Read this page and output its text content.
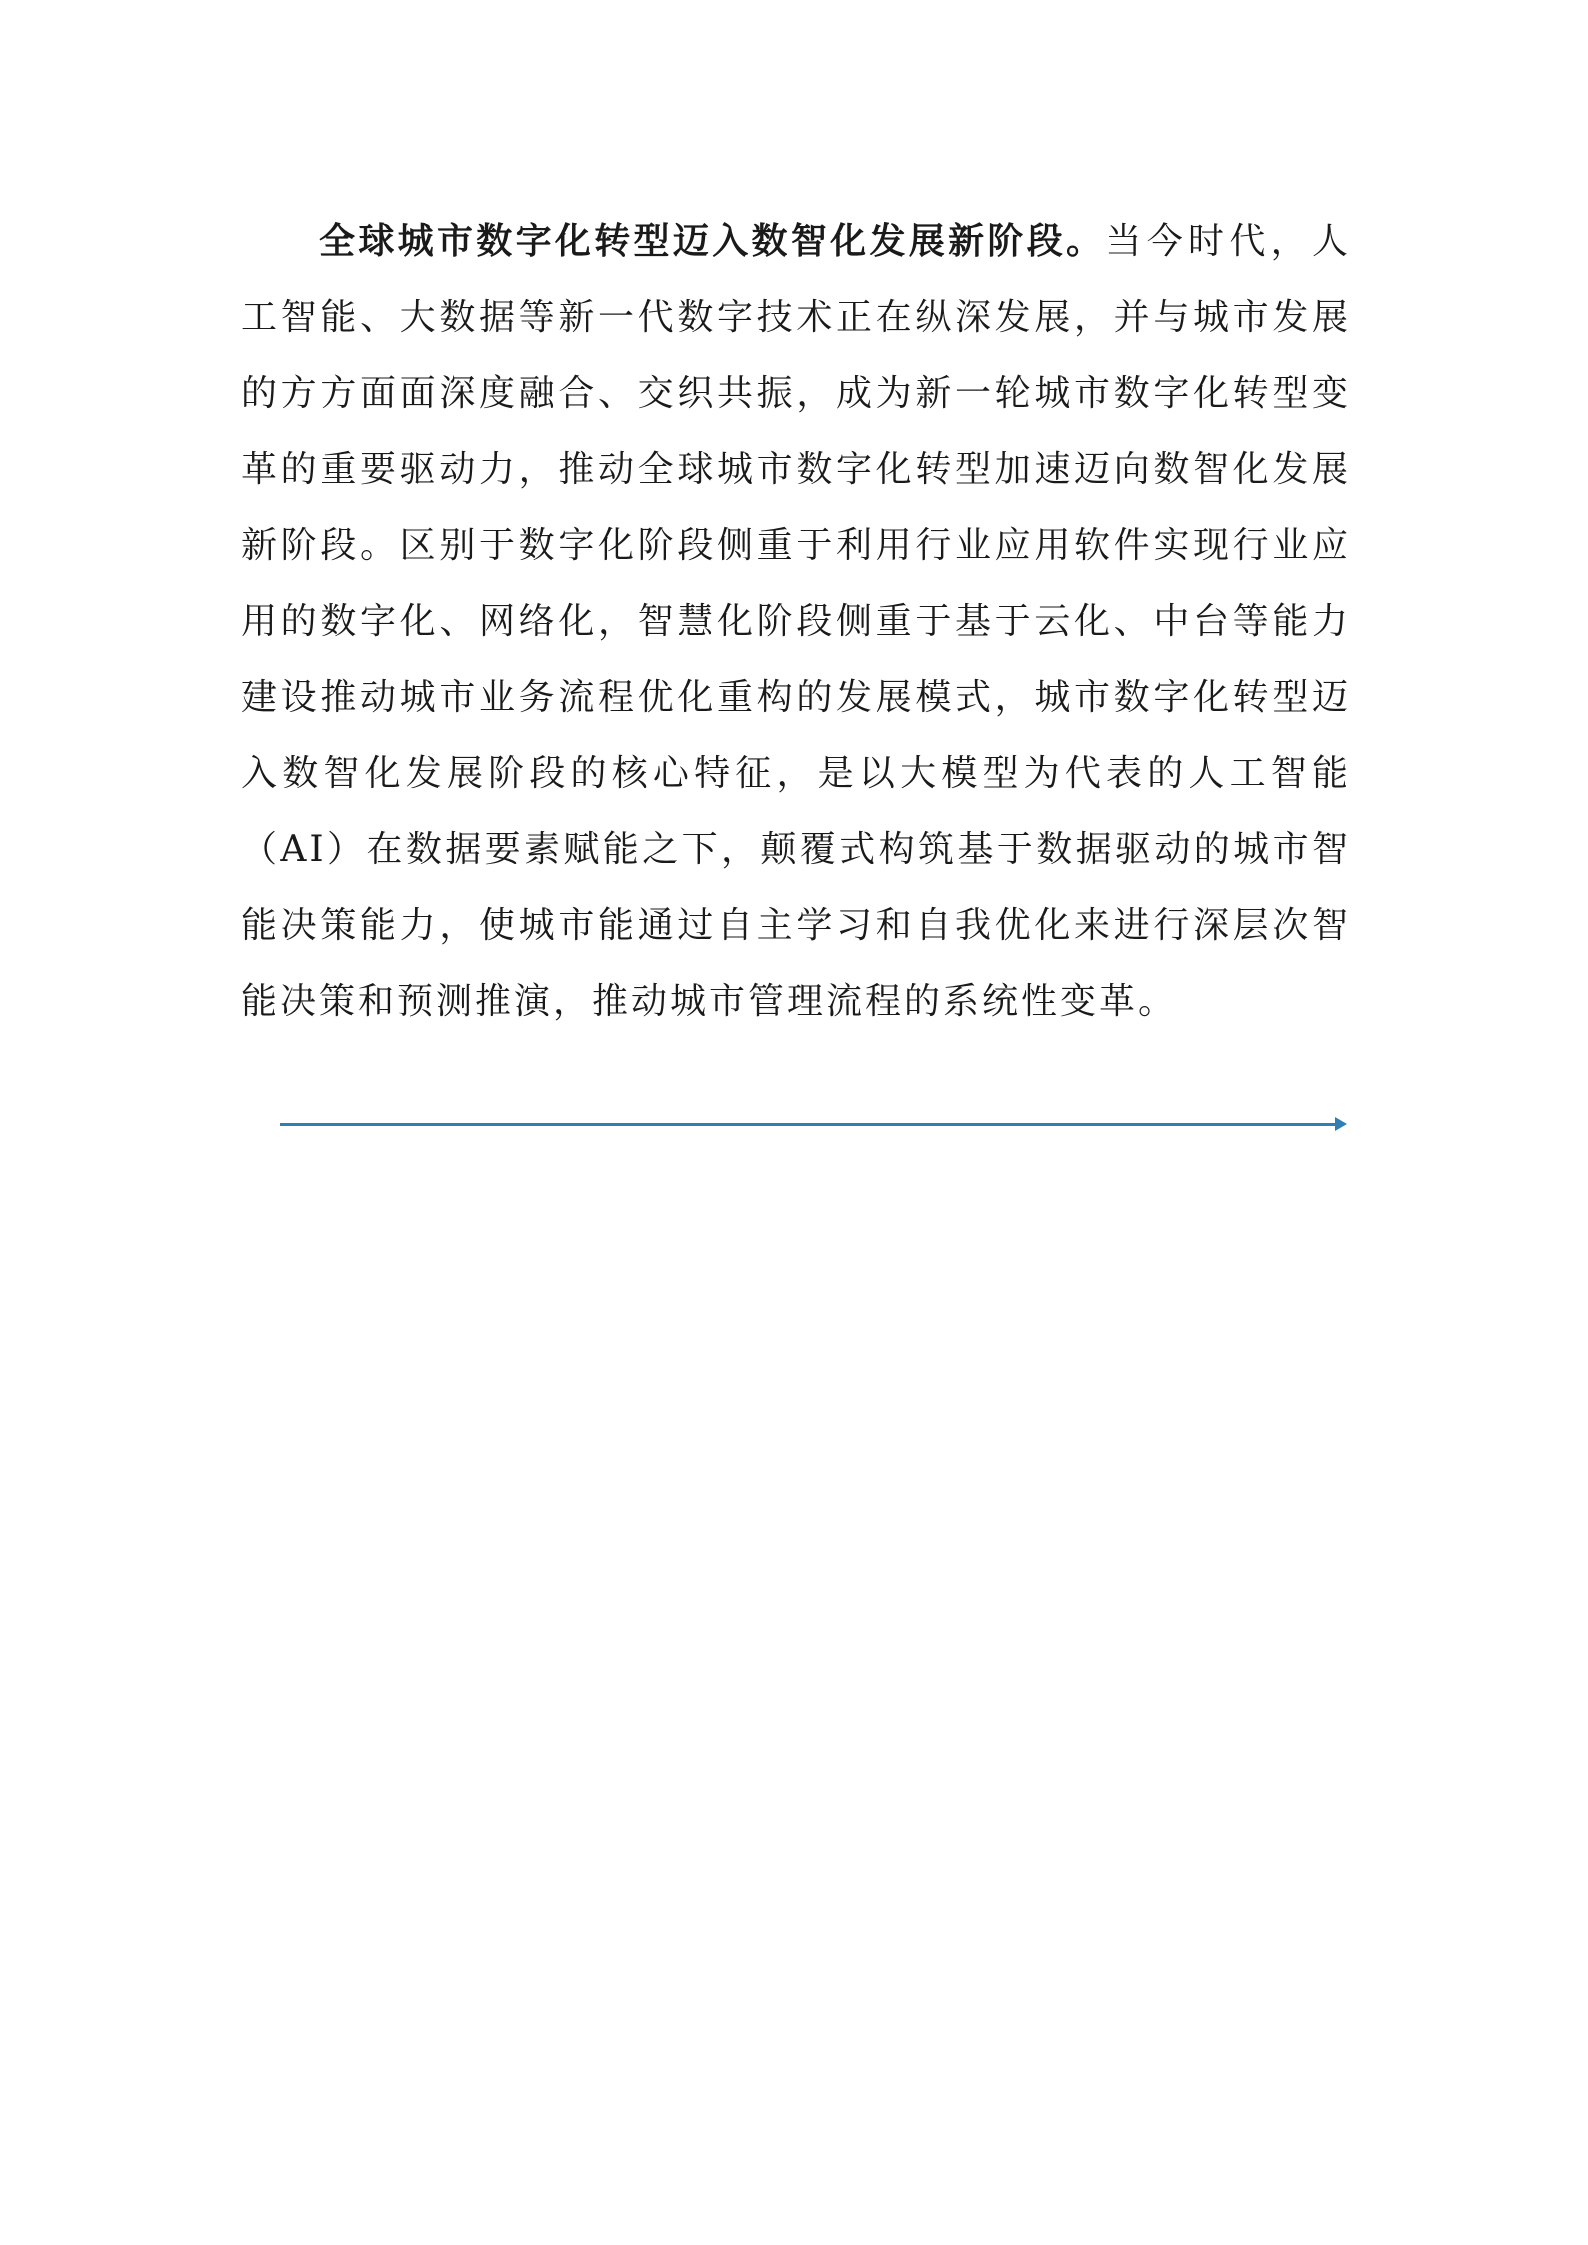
全球城市数字化转型迈入数智化发展新阶段。当今时代，人
工智能、大数据等新一代数字技术正在纵深发展，并与城市发展
的方方面面深度融合、交织共振，成为新一轮城市数字化转型变
革的重要驱动力，推动全球城市数字化转型加速迈向数智化发展
新阶段。区别于数字化阶段侧重于利用行业应用软件实现行业应
用的数字化、网络化，智慧化阶段侧重于基于云化、中台等能力
建设推动城市业务流程优化重构的发展模式，城市数字化转型迈
入数智化发展阶段的核心特征，是以大模型为代表的人工智能
（AI）在数据要素赋能之下，颠覆式构筑基于数据驱动的城市智
能决策能力，使城市能通过自主学习和自我优化来进行深层次智
能决策和预测推演，推动城市管理流程的系统性变革。
